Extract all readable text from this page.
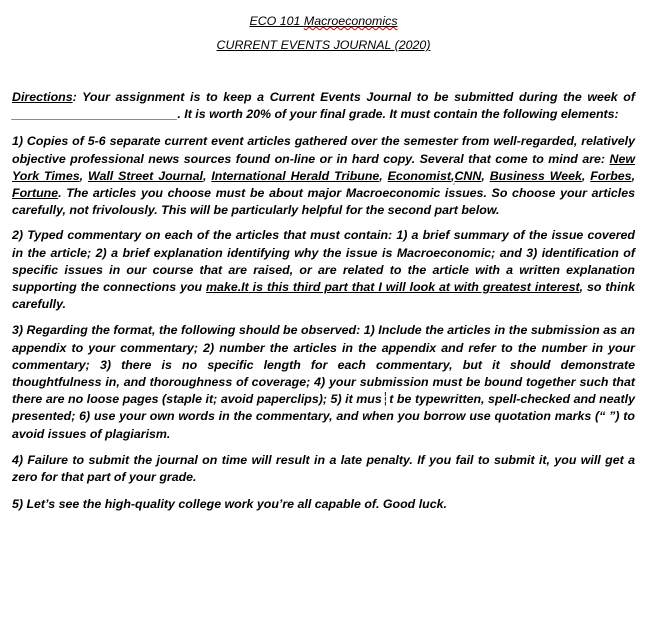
ECO 101 Macroeconomics

CURRENT EVENTS JOURNAL (2020)

Directions: Your assignment is to keep a Current Events Journal to be submitted during the week of ________________________. It is worth 20% of your final grade. It must contain the following elements:

1) Copies of 5-6 separate current event articles gathered over the semester from well-regarded, relatively objective professional news sources found on-line or in hard copy. Several that come to mind are: New York Times, Wall Street Journal, International Herald Tribune, Economist,CNN, Business Week, Forbes, Fortune. The articles you choose must be about major Macroeconomic issues. So choose your articles carefully, not frivolously. This will be particularly helpful for the second part below.

2) Typed commentary on each of the articles that must contain: 1) a brief summary of the issue covered in the article; 2) a brief explanation identifying why the issue is Macroeconomic; and 3) identification of specific issues in our course that are raised, or are related to the article with a written explanation supporting the connections you make.It is this third part that I will look at with greatest interest, so think carefully.

3) Regarding the format, the following should be observed: 1) Include the articles in the submission as an appendix to your commentary; 2) number the articles in the appendix and refer to the number in your commentary; 3) there is no specific length for each commentary, but it should demonstrate thoughtfulness in, and thoroughness of coverage; 4) your submission must be bound together such that there are no loose pages (staple it; avoid paperclips); 5) it mus┆t be typewritten, spell-checked and neatly presented; 6) use your own words in the commentary, and when you borrow use quotation marks (“ ”) to avoid issues of plagiarism.

4) Failure to submit the journal on time will result in a late penalty. If you fail to submit it, you will get a zero for that part of your grade.

5) Let’s see the high-quality college work you’re all capable of. Good luck.
